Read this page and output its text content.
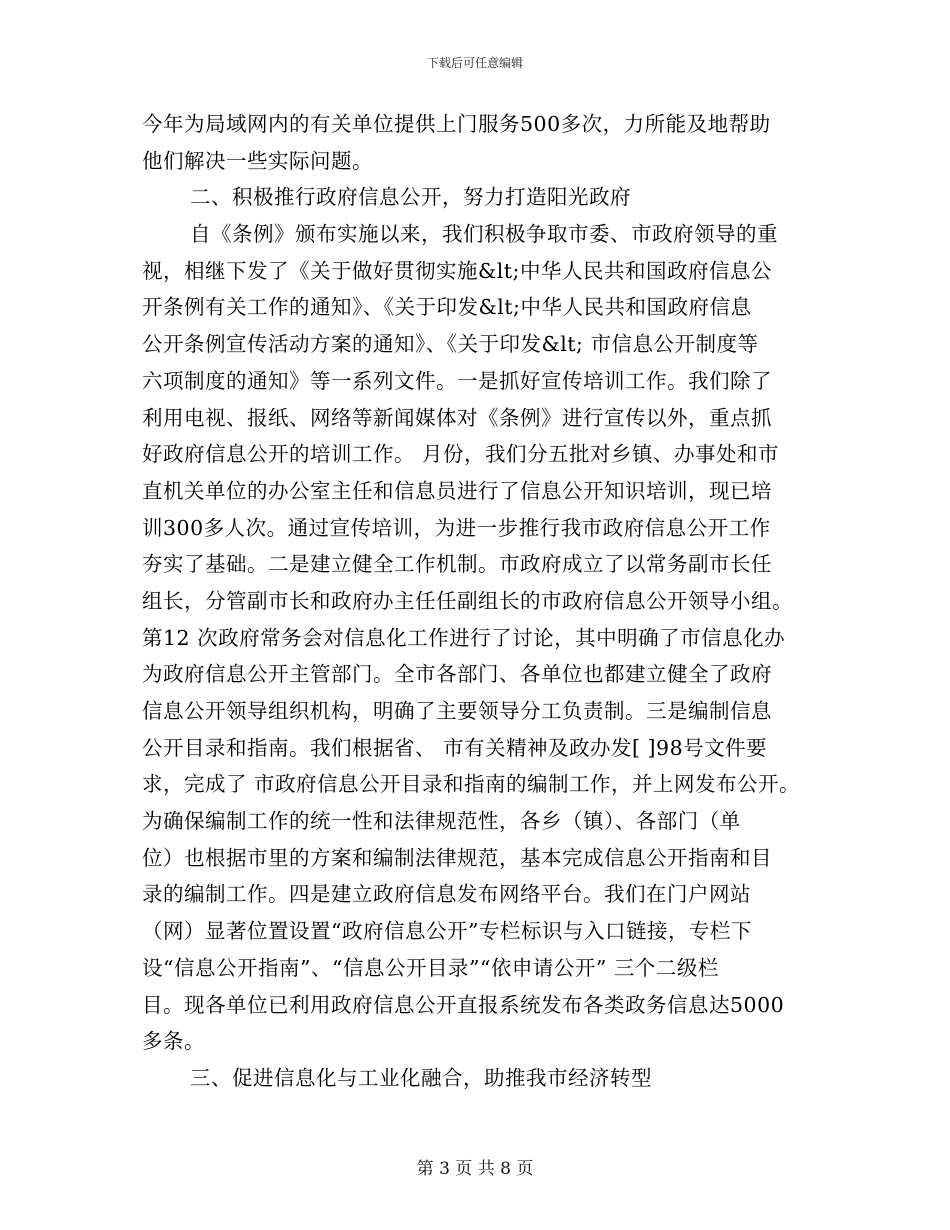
下载后可任意编辑
今年为局域网内的有关单位提供上门服务500多次，力所能及地帮助
他们解决一些实际问题。
二、积极推行政府信息公开，努力打造阳光政府
自《条例》颁布实施以来，我们积极争取市委、市政府领导的重
视，相继下发了《关于做好贯彻实施&lt;中华人民共和国政府信息公
开条例有关工作的通知》、《关于印发&lt;中华人民共和国政府信息
公开条例宣传活动方案的通知》、《关于印发&lt; 市信息公开制度等
六项制度的通知》等一系列文件。一是抓好宣传培训工作。我们除了
利用电视、报纸、网络等新闻媒体对《条例》进行宣传以外，重点抓
好政府信息公开的培训工作。 月份，我们分五批对乡镇、办事处和市
直机关单位的办公室主任和信息员进行了信息公开知识培训，现已培
训300多人次。通过宣传培训，为进一步推行我市政府信息公开工作
夯实了基础。二是建立健全工作机制。市政府成立了以常务副市长任
组长，分管副市长和政府办主任任副组长的市政府信息公开领导小组。
第12 次政府常务会对信息化工作进行了讨论，其中明确了市信息化办
为政府信息公开主管部门。全市各部门、各单位也都建立健全了政府
信息公开领导组织机构，明确了主要领导分工负责制。三是编制信息
公开目录和指南。我们根据省、 市有关精神及政办发[ ]98号文件要
求，完成了 市政府信息公开目录和指南的编制工作，并上网发布公开。
为确保编制工作的统一性和法律规范性，各乡（镇）、各部门（单
位）也根据市里的方案和编制法律规范，基本完成信息公开指南和目
录的编制工作。四是建立政府信息发布网络平台。我们在门户网站
（网）显著位置设置“政府信息公开”专栏标识与入口链接，专栏下
设“信息公开指南”、“信息公开目录”“依申请公开” 三个二级栏
目。现各单位已利用政府信息公开直报系统发布各类政务信息达5000
多条。
三、促进信息化与工业化融合，助推我市经济转型
第 3 页 共 8 页
